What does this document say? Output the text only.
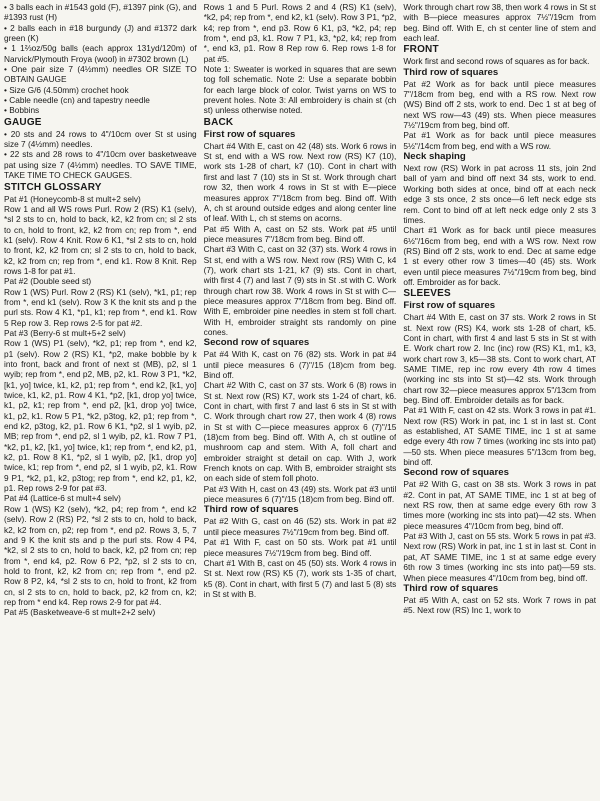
• 3 balls each in #1543 gold (F), #1397 pink (G), and #1393 rust (H)

• 2 balls each in #18 burgundy (J) and #1372 dark green (K)

• 1 1⅔oz/50g balls (each approx 131yd/120m) of Narvick/Plymouth Froya (wool) in #7302 brown (L)

• One pair size 7 (4½mm) needles OR SIZE TO OBTAIN GAUGE

• Size G/6 (4.50mm) crochet hook

• Cable needle (cn) and tapestry needle

• Bobbins

GAUGE

• 20 sts and 24 rows to 4"/10cm over St st using size 7 (4½mm) needles.

• 22 sts and 28 rows to 4"/10cm over basketweave pat using size 7 (4½mm) needles. TO SAVE TIME, TAKE TIME TO CHECK GAUGES.

STITCH GLOSSARY

Pat #1 (Honeycomb-8 st mult+2 selv)

Row 1 and all WS rows Purl. Row 2 (RS) K1 (selv), *sl 2 sts to cn, hold to back, k2, k2 from cn; sl 2 sts to cn, hold to front, k2, k2 from cn; rep from *, end k1 (selv). Row 4 Knit. Row 6 K1, *sl 2 sts to cn, hold to front, k2, k2 from cn; sl 2 sts to cn, hold to back, k2, k2 from cn; rep from *, end k1. Row 8 Knit. Rep rows 1-8 for pat #1.

Pat #2 (Double seed st)

Row 1 (WS) Purl. Row 2 (RS) K1 (selv), *k1, p1; rep from *, end k1 (selv). Row 3 K the knit sts and p the purl sts. Row 4 K1, *p1, k1; rep from *, end k1. Row 5 Rep row 3. Rep rows 2-5 for pat #2.

Pat #3 (Berry-6 st mult+5+2 selv)

Row 1 (WS) P1 (selv), *k2, p1; rep from *, end k2, p1 (selv). Row 2 (RS) K1, *p2, make bobble by k into front, back and front of next st (MB), p2, sl 1 wyib; rep from *, end p2, MB, p2, k1. Row 3 P1, *k2, [k1, yo] twice, k1, k2, p1; rep from *, end k2, [k1, yo] twice, k1, k2, p1. Row 4 K1, *p2, [k1, drop yo] twice, k1, p2, k1; rep from *, end p2, [k1, drop yo] twice, k1, p2, k1. Row 5 P1, *k2, p3tog, k2, p1; rep from *, end k2, p3tog, k2, p1. Row 6 K1, *p2, sl 1 wyib, p2, MB; rep from *, end p2, sl 1 wyib, p2, k1. Row 7 P1, *k2, p1, k2, [k1, yo] twice, k1; rep from *, end k2, p1, k2, p1. Row 8 K1, *p2, sl 1 wyib, p2, [k1, drop yo] twice, k1; rep from *, end p2, sl 1 wyib, p2, k1. Row 9 P1, *k2, p1, k2, p3tog; rep from *, end k2, p1, k2, p1. Rep rows 2-9 for pat #3.

Pat #4 (Lattice-6 st mult+4 selv)

Row 1 (WS) K2 (selv), *k2, p4; rep from *, end k2 (selv). Row 2 (RS) P2, *sl 2 sts to cn, hold to back, k2, k2 from cn, p2; rep from *, end p2. Rows 3, 5, 7 and 9 K the knit sts and p the purl sts. Row 4 P4, *k2, sl 2 sts to cn, hold to back, k2, p2 from cn; rep from *, end k4, p2. Row 6 P2, *p2, sl 2 sts to cn, hold to front, k2, k2 from cn; rep from *, end p2. Row 8 P2, k4, *sl 2 sts to cn, hold to front, k2 from cn, sl 2 sts to cn, hold to back, p2, k2 from cn, k2; rep from * end k4. Rep rows 2-9 for pat #4.

Pat #5 (Basketweave-6 st mult+2+2 selv)

Rows 1 and 5 Purl. Rows 2 and 4 (RS) K1 (selv), *k2, p4; rep from *, end k2, k1 (selv). Row 3 P1, *p2, k4; rep from *, end p3. Row 6 K1, p3, *k2, p4; rep from *, end p3, k1. Row 7 P1, k3, *p2, k4; rep from *, end k3, p1. Row 8 Rep row 6. Rep rows 1-8 for pat #5.

Note 1: Sweater is worked in squares that are sewn tog foll schematic. Note 2: Use a separate bobbin for each large block of color. Twist yarns on WS to prevent holes. Note 3: All embroidery is chain st (ch st) unless otherwise noted.

BACK

First row of squares

Chart #4 With E, cast on 42 (48) sts. Work 6 rows in St st, end with a WS row. Next row (RS) K7 (10), work sts 1-28 of chart, k7 (10). Cont in chart with first and last 7 (10) sts in St st. Work through chart row 32, then work 4 rows in St st with E—piece measures approx 7"/18cm from beg. Bind off. With A, ch st around outside edges and along center line of leaf. With L, ch st stems on acorns.

Pat #5 With A, cast on 52 sts. Work pat #5 until piece measures 7"/18cm from beg. Bind off.

Chart #3 With C, cast on 32 (37) sts. Work 4 rows in St st, end with a WS row. Next row (RS) With C, k4 (7), work chart sts 1-21, k7 (9) sts. Cont in chart, with first 4 (7) and last 7 (9) sts in St .st with C. Work through chart row 38. Work 4 rows in St st with C—piece measures approx 7"/18cm from beg. Bind off. With E, embroider pine needles in stem st foll chart. With H, embroider straight sts randomly on pine cones.

Second row of squares

Pat #4 With K, cast on 76 (82) sts. Work in pat #4 until piece measures 6 (7)"/15 (18)cm from beg. Bind off.

Chart #2 With C, cast on 37 sts. Work 6 (8) rows in St st. Next row (RS) K7, work sts 1-24 of chart, k6. Cont in chart, with first 7 and last 6 sts in St st with C. Work through chart row 27, then work 4 (8) rows in St st with C—piece measures approx 6 (7)"/15 (18)cm from beg. Bind off. With A, ch st outline of mushroom cap and stem. With A, foll chart and embroider straight st detail on cap. With J, work French knots on cap. With B, embroider straight sts on each side of stem foll photo.

Pat #3 With H, cast on 43 (49) sts. Work pat #3 until piece measures 6 (7)"/15 (18)cm from beg. Bind off.

Third row of squares

Pat #2 With G, cast on 46 (52) sts. Work in pat #2 until piece measures 7½"/19cm from beg. Bind off.

Pat #1 With F, cast on 50 sts. Work pat #1 until piece measures 7½"/19cm from beg. Bind off.

Chart #1 With B, cast on 45 (50) sts. Work 4 rows in St st. Next row (RS) K5 (7), work sts 1-35 of chart, k5 (8). Cont in chart, with first 5 (7) and last 5 (8) sts in St st with B.

Work through chart row 38, then work 4 rows in St st with B—piece measures approx 7½"/19cm from beg. Bind off. With E, ch st center line of stem and each leaf.

FRONT

Work first and second rows of squares as for back.

Third row of squares

Pat #2 Work as for back until piece measures 7"/18cm from beg, end with a RS row. Next row (WS) Bind off 2 sts, work to end. Dec 1 st at beg of next WS row—43 (49) sts. When piece measures 7½"/19cm from beg, bind off.

Pat #1 Work as for back until piece measures 5½"/14cm from beg, end with a WS row.

Neck shaping

Next row (RS) Work in pat across 11 sts, join 2nd ball of yarn and bind off next 34 sts, work to end. Working both sides at once, bind off at each neck edge 3 sts once, 2 sts once—6 left neck edge sts rem. Cont to bind off at left neck edge only 2 sts 3 times.

Chart #1 Work as for back until piece measures 6½"/16cm from beg, end with a WS row. Next row (RS) Bind off 2 sts, work to end. Dec at same edge 1 st every other row 3 times—40 (45) sts. Work even until piece measures 7½"/19cm from beg, bind off. Embroider as for back.

SLEEVES

First row of squares

Chart #4 With E, cast on 37 sts. Work 2 rows in St st. Next row (RS) K4, work sts 1-28 of chart, k5. Cont in chart, with first 4 and last 5 sts in St st with E. Work chart row 2. Inc (inc) row (RS) K1, m1, k3, work chart row 3, k5—38 sts. Cont to work chart, AT SAME TIME, rep inc row every 4th row 4 times (working inc sts into St st)—42 sts. Work through chart row 32—piece measures approx 5"/13cm from beg. Bind off. Embroider details as for back.

Pat #1 With F, cast on 42 sts. Work 3 rows in pat #1. Next row (RS) Work in pat, inc 1 st in last st. Cont as established, AT SAME TIME, inc 1 st at same edge every 4th row 7 times (working inc sts into pat)—50 sts. When piece measures 5"/13cm from beg, bind off.

Second row of squares

Pat #2 With G, cast on 38 sts. Work 3 rows in pat #2. Cont in pat, AT SAME TIME, inc 1 st at beg of next RS row, then at same edge every 6th row 3 times more (working inc sts into pat)—42 sts. When piece measures 4"/10cm from beg, bind off.

Pat #3 With J, cast on 55 sts. Work 5 rows in pat #3. Next row (RS) Work in pat, inc 1 st in last st. Cont in pat, AT SAME TIME, inc 1 st at same edge every 6th row 3 times (working inc sts into pat)—59 sts. When piece measures 4"/10cm from beg, bind off.

Third row of squares

Pat #5 With A, cast on 52 sts. Work 7 rows in pat #5. Next row (RS) Inc 1, work to
